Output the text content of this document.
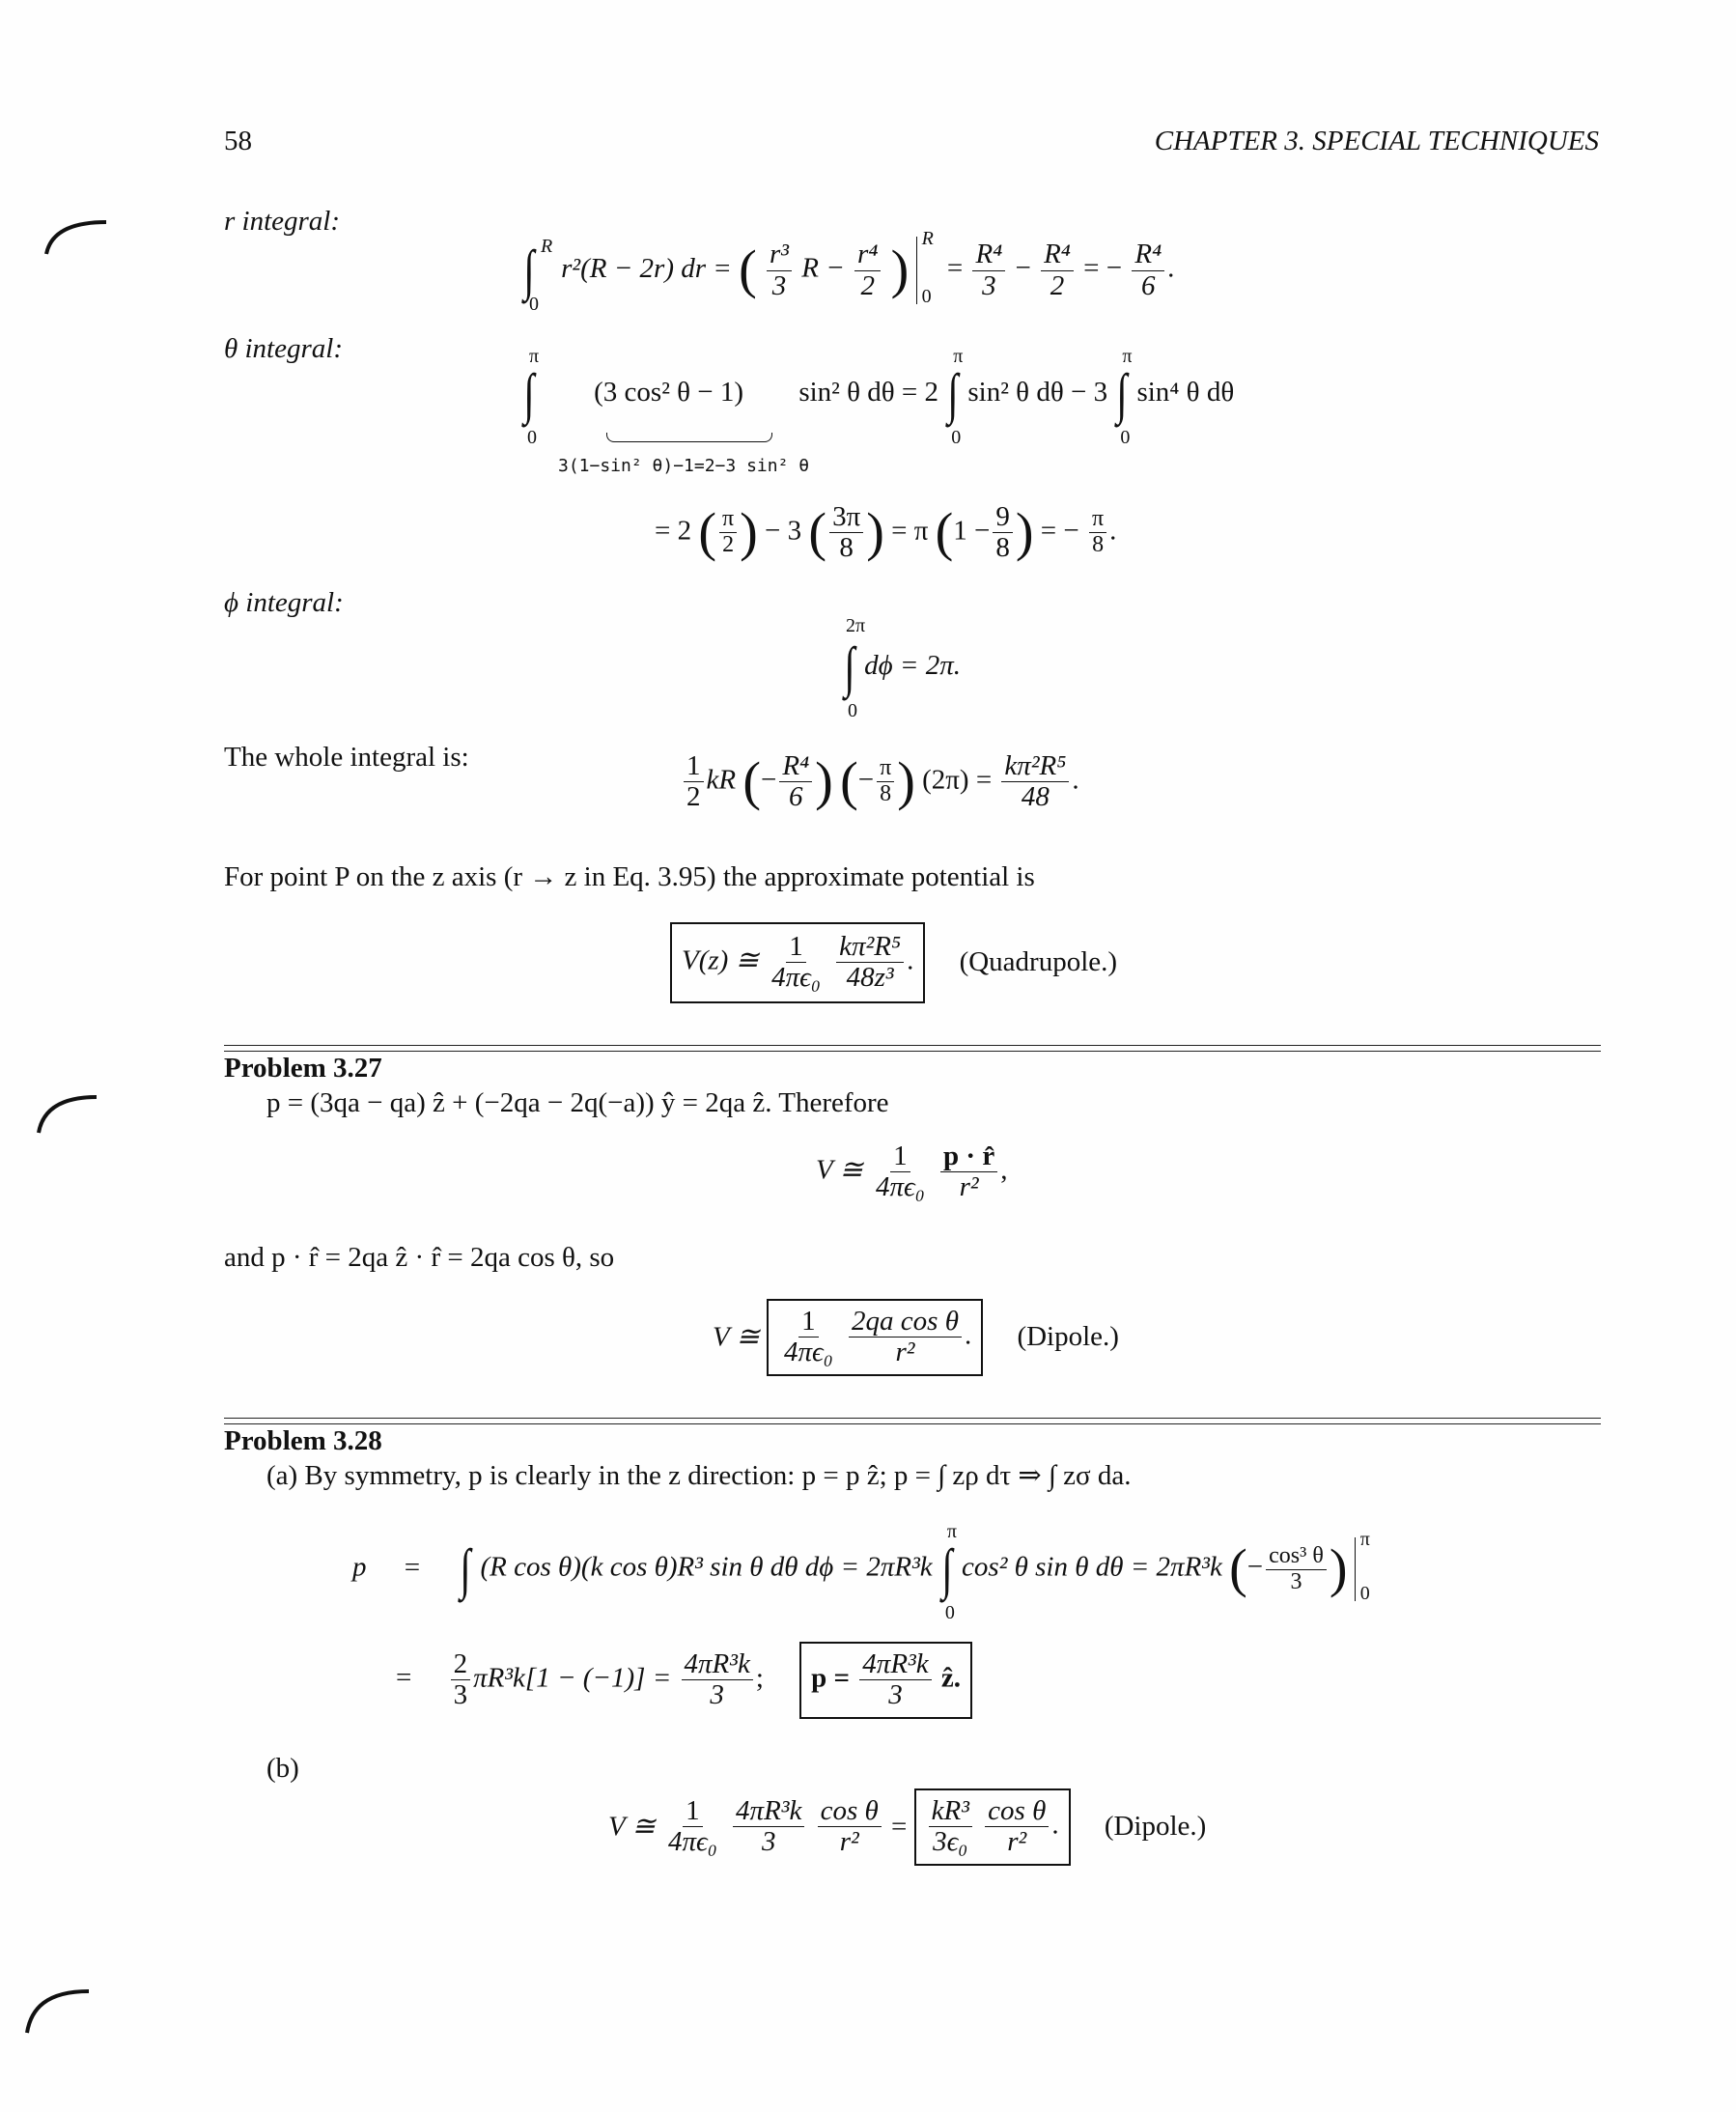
58	CHAPTER 3. SPECIAL TECHNIQUES
r integral:
∫ R
0
r²(R − 2r) dr = ( $\frac{\text{r³}}{3}$ $R - \frac{\text{r⁴}}{2}$ )
R
0
= $\frac{\text{R⁴}}{3} - \frac{\text{R⁴}}{2}$ = − $\frac{\text{R⁴}}{6}$ .
θ integral:
∫
π
0
(3 cos² θ − 1) sin² θ dθ = 2 ∫
π
0
sin² θ dθ − 3 ∫
π
0
sin⁴ θ dθ
3(1−sin² θ)−1=2−3 sin² θ
= 2 ( $\frac{\pi}{2}$ ) − 3 ( $\frac{3\pi}{8}$ ) = π ($1 - \frac{9}{8}$ ) = − $\frac{\pi}{8}$ .
ϕ integral:
∫
2π
0
dϕ = 2π.
The whole integral is:	$\frac{1}{2}$ kR (− $\frac{\text{R⁴}}{6}$ ) (− $\frac{\pi}{8}$ ) $(2\pi) = \frac{\text{kπ²R⁵}}{48}$ .
For point P on the z axis (r → z in Eq. 3.95) the approximate potential is
V(z) ≅ $\frac{1}{\text{4πϵ₀}}$
$\frac{\text{kπ²R⁵}}{\text{48z³}}$ . (Quadrupole.)
Problem 3.27
p = (3qa − qa) ẑ + (−2qa − 2q(−a)) ŷ = 2qa ẑ. Therefore
V ≅ $\frac{1}{\text{4πϵ₀}}$
$\frac{p \cdot r̂}{\text{r²}}$ ,
and p · r̂ = 2qa ẑ · r̂ = 2qa cos θ, so
V ≅ $\frac{1}{\text{4πϵ₀}}$
$\frac{\text{2qa cos θ}}{\text{r²}}$ . (Dipole.)
Problem 3.28
(a) By symmetry, p is clearly in the z direction: p = p ẑ; p = ∫ zρ dτ ⇒ ∫ zσ da.
p = ∫ (R cos θ)(k cos θ)R³ sin θ dθ dϕ = 2πR³k ∫
π
0
cos² θ sin θ dθ = 2πR³k (− $\frac{\text{cos³ θ}}{3}$ ) π
0
= $\frac{2}{3} \pi R^3k[1 - (-1)] = \frac{\text{4πR³k}}{3}$ ; $p = \frac{\text{4πR³k}}{3}$ ẑ.
(b)
V ≅ $\frac{1}{\text{4πϵ₀}}$
$\frac{\text{4πR³k}}{3}$
$\frac{\text{cos θ}}{\text{r²}} = \frac{\text{kR³}}{\text{3ϵ₀}}$
$\frac{\text{cos θ}}{\text{r²}}$ . (Dipole.)
